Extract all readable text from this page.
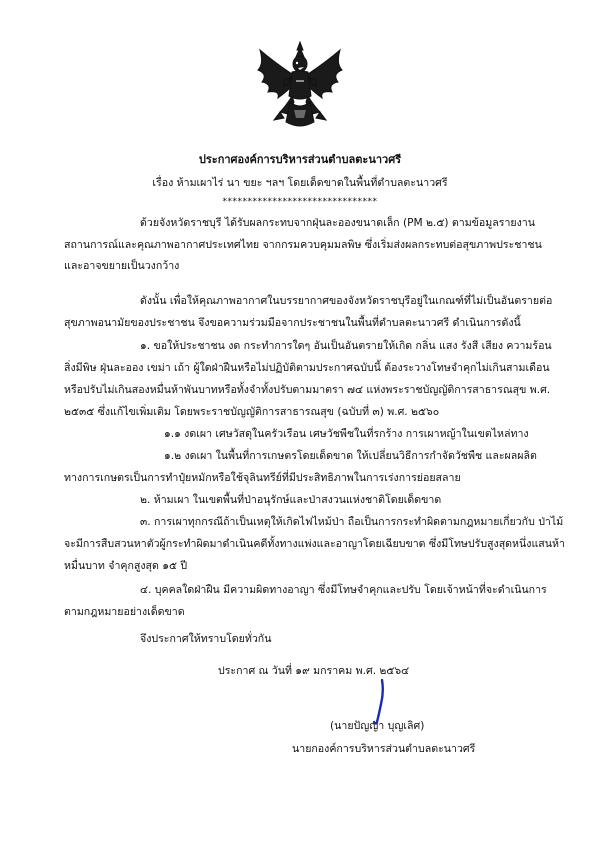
ประกาศองค์การบริหารส่วนตำบลตะนาวศรี
เรื่อง ห้ามเผาไร่ นา ขยะ ฯลฯ โดยเด็ดขาดในพื้นที่ตำบลตะนาวศรี
*******************************
ด้วยจังหวัดราชบุรี ได้รับผลกระทบจากฝุ่นละอองขนาดเล็ก (PM ๒.๕) ตามข้อมูลรายงาน
สถานการณ์และคุณภาพอากาศประเทศไทย จากกรมควบคุมมลพิษ ซึ่งเริ่มส่งผลกระทบต่อสุขภาพประชาชน
และอาจขยายเป็นวงกว้าง
ดังนั้น เพื่อให้คุณภาพอากาศในบรรยากาศของจังหวัดราชบุรีอยู่ในเกณฑ์ที่ไม่เป็นอันตรายต่อ
สุขภาพอนามัยของประชาชน จึงขอความร่วมมือจากประชาชนในพื้นที่ตำบลตะนาวศรี ดำเนินการดังนี้
๑. ขอให้ประชาชน งด กระทำการใดๆ อันเป็นอันตรายให้เกิด กลิ่น แสง รังสี เสียง ความร้อน
สิ่งมีพิษ ฝุ่นละออง เขม่า เถ้า ผู้ใดฝ่าฝืนหรือไม่ปฏิบัติตามประกาศฉบับนี้ ต้องระวางโทษจำคุกไม่เกินสามเดือน
หรือปรับไม่เกินสองหมื่นห้าพันบาทหรือทั้งจำทั้งปรับตามมาตรา ๗๔ แห่งพระราชบัญญัติการสาธารณสุข พ.ศ.
๒๕๓๕ ซึ่งแก้ไขเพิ่มเติม โดยพระราชบัญญัติการสาธารณสุข (ฉบับที่ ๓) พ.ศ. ๒๕๖๐
๑.๑ งดเผา เศษวัสดุในครัวเรือน เศษวัชพืชในที่รกร้าง การเผาหญ้าในเขตไหล่ทาง
๑.๒ งดเผา ในพื้นที่การเกษตรโดยเด็ดขาด ให้เปลี่ยนวิธีการกำจัดวัชพืช และผลผลิต
ทางการเกษตรเป็นการทำปุ๋ยหมักหรือใช้จุลินทรีย์ที่มีประสิทธิภาพในการเร่งการย่อยสลาย
๒. ห้ามเผา ในเขตพื้นที่ป่าอนุรักษ์และป่าสงวนแห่งชาติโดยเด็ดขาด
๓. การเผาทุกกรณีถ้าเป็นเหตุให้เกิดไฟไหม้ป่า ถือเป็นการกระทำผิดตามกฎหมายเกี่ยวกับ ป่าไม้
จะมีการสืบสวนหาตัวผู้กระทำผิดมาดำเนินคดีทั้งทางแพ่งและอาญาโดยเฉียบขาด ซึ่งมีโทษปรับสูงสุดหนึ่งแสนห้า
หมื่นบาท จำคุกสูงสุด ๑๕ ปี
๔. บุคคลใดฝ่าฝืน มีความผิดทางอาญา ซึ่งมีโทษจำคุกและปรับ โดยเจ้าหน้าที่จะดำเนินการ
ตามกฎหมายอย่างเด็ดขาด
จึงประกาศให้ทราบโดยทั่วกัน
ประกาศ ณ วันที่ ๑๙ มกราคม พ.ศ. ๒๕๖๔
(นายปัญญา บุญเลิศ)
นายกองค์การบริหารส่วนตำบลตะนาวศรี
